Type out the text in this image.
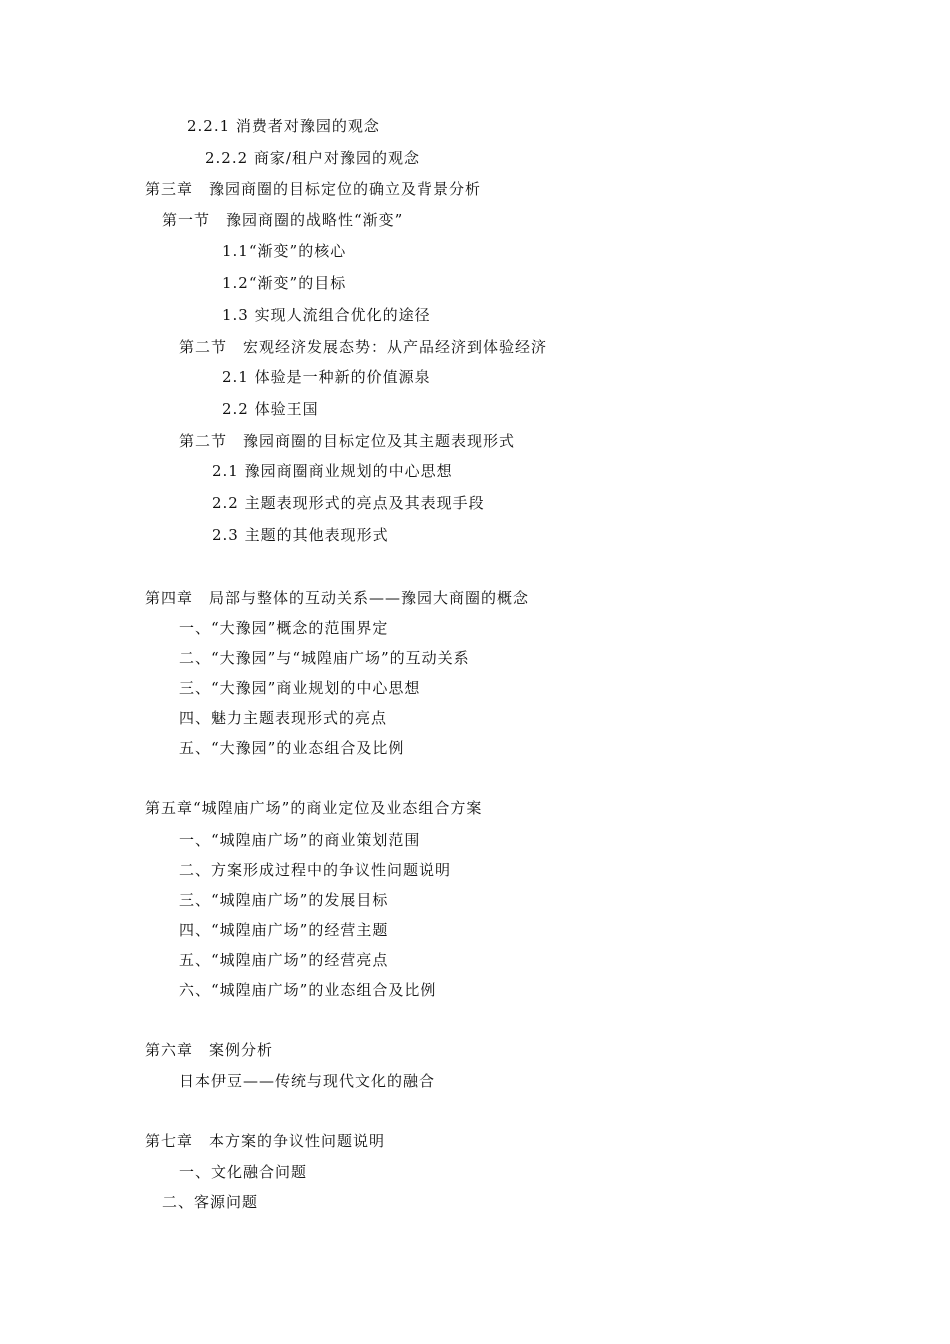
2.2.1 消费者对豫园的观念
2.2.2 商家/租户对豫园的观念
第三章　豫园商圈的目标定位的确立及背景分析
第一节　豫园商圈的战略性“渐变”
1.1“渐变”的核心
1.2“渐变”的目标
1.3 实现人流组合优化的途径
第二节　宏观经济发展态势：从产品经济到体验经济
2.1 体验是一种新的价值源泉
2.2 体验王国
第二节　豫园商圈的目标定位及其主题表现形式
2.1 豫园商圈商业规划的中心思想
2.2 主题表现形式的亮点及其表现手段
2.3 主题的其他表现形式
第四章　局部与整体的互动关系——豫园大商圈的概念
一、“大豫园”概念的范围界定
二、“大豫园”与“城隍庙广场”的互动关系
三、“大豫园”商业规划的中心思想
四、魅力主题表现形式的亮点
五、“大豫园”的业态组合及比例
第五章“城隍庙广场”的商业定位及业态组合方案
一、“城隍庙广场”的商业策划范围
二、方案形成过程中的争议性问题说明
三、“城隍庙广场”的发展目标
四、“城隍庙广场”的经营主题
五、“城隍庙广场”的经营亮点
六、“城隍庙广场”的业态组合及比例
第六章　案例分析
日本伊豆——传统与现代文化的融合
第七章　本方案的争议性问题说明
一、文化融合问题
二、客源问题
